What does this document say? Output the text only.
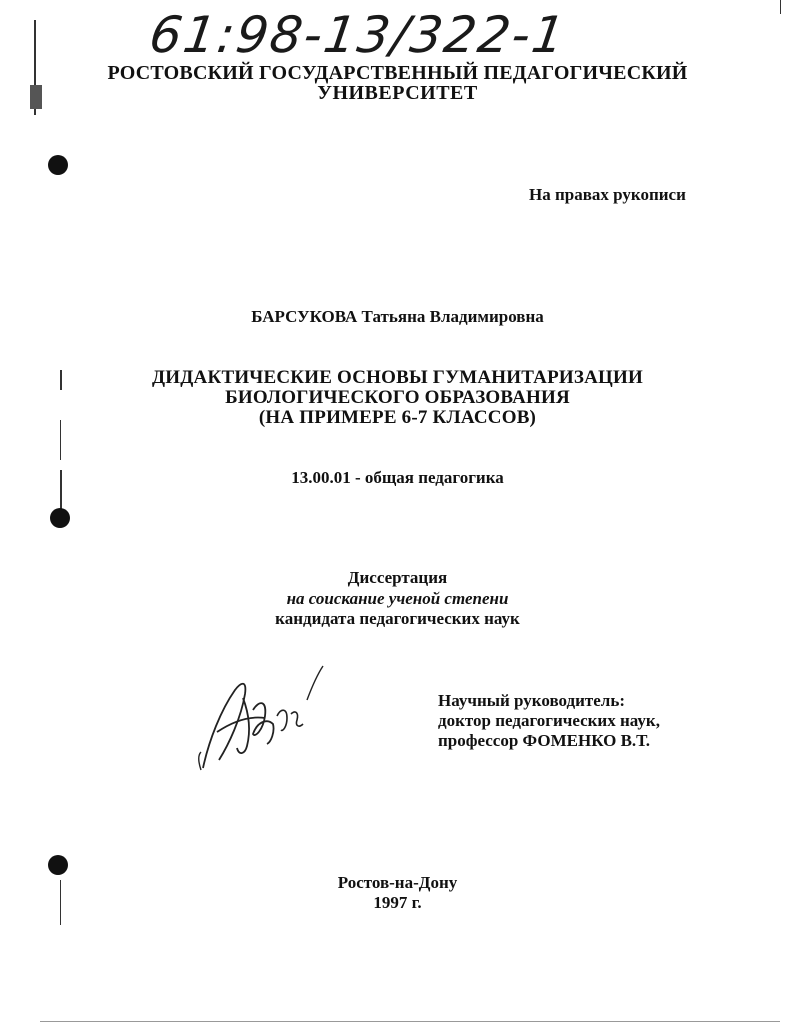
61:98-13/322-1
РОСТОВСКИЙ ГОСУДАРСТВЕННЫЙ ПЕДАГОГИЧЕСКИЙ
УНИВЕРСИТЕТ
На правах рукописи
БАРСУКОВА Татьяна Владимировна
ДИДАКТИЧЕСКИЕ ОСНОВЫ ГУМАНИТАРИЗАЦИИ
БИОЛОГИЧЕСКОГО ОБРАЗОВАНИЯ
(НА ПРИМЕРЕ 6-7 КЛАССОВ)
13.00.01 - общая педагогика
Диссертация
на соискание ученой степени
кандидата педагогических наук
Научный руководитель:
доктор педагогических наук,
профессор ФОМЕНКО В.Т.
Ростов-на-Дону
1997 г.
